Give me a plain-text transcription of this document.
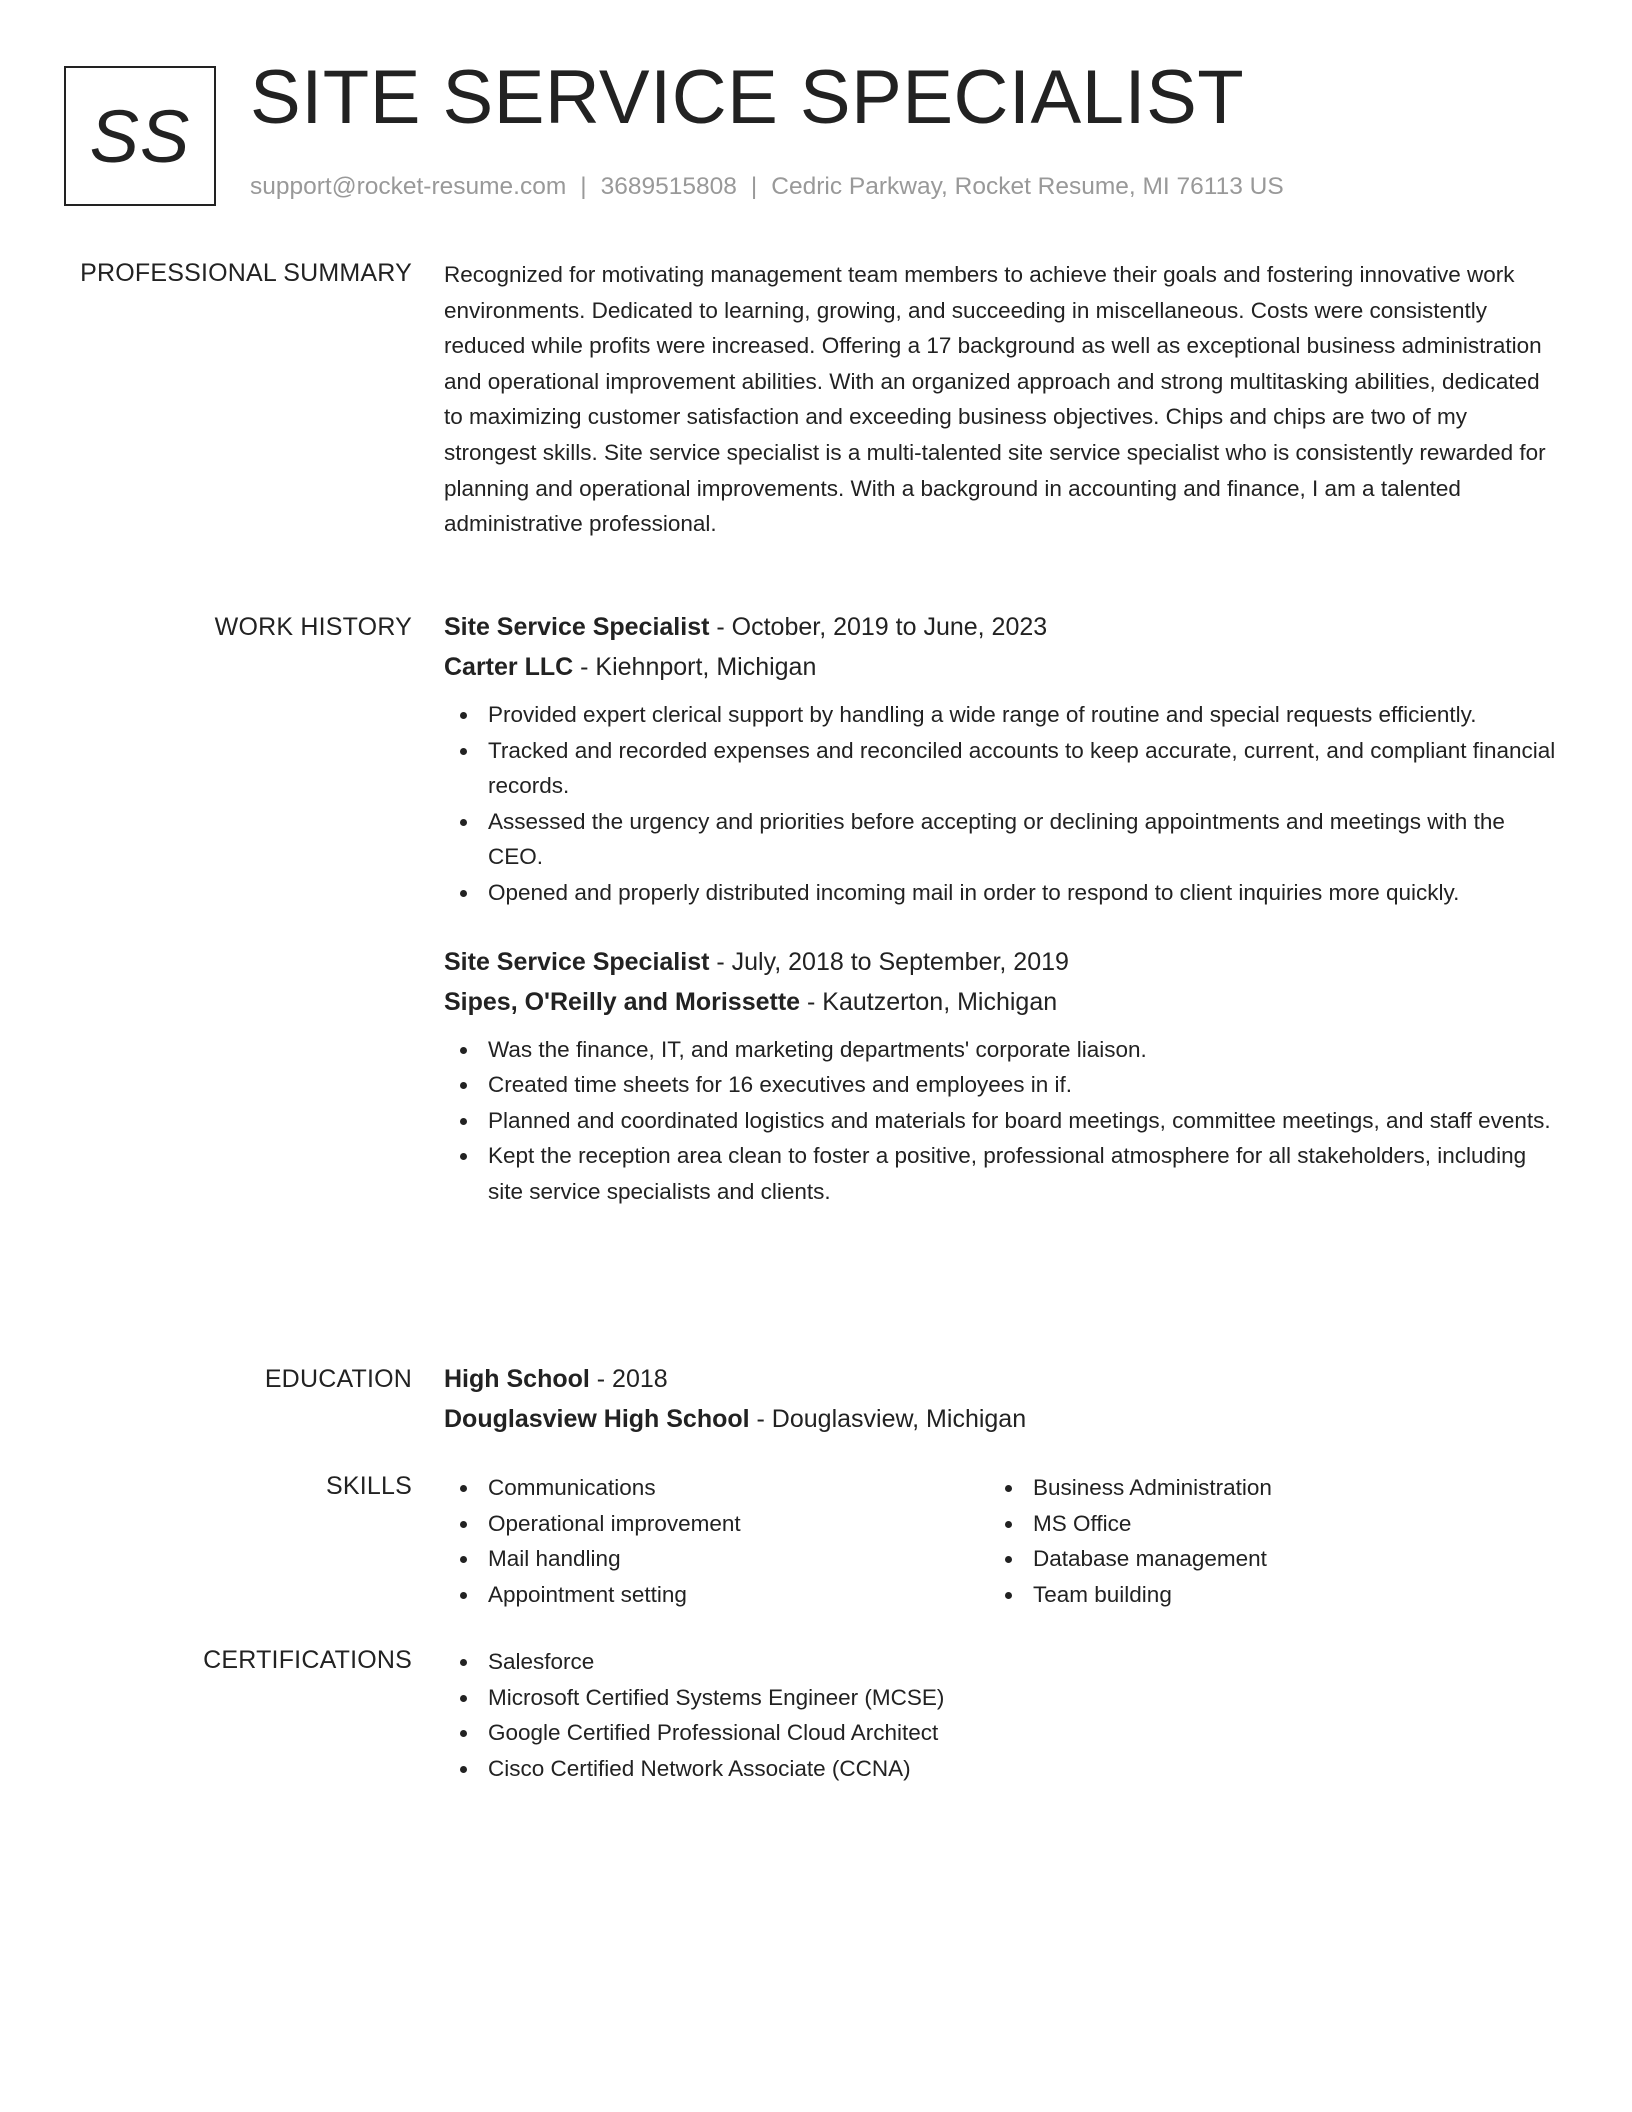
SS SITE SERVICE SPECIALIST
support@rocket-resume.com | 3689515808 | Cedric Parkway, Rocket Resume, MI 76113 US
PROFESSIONAL SUMMARY Recognized for motivating management team members to achieve their goals and fostering innovative work environments. Dedicated to learning, growing, and succeeding in miscellaneous. Costs were consistently reduced while profits were increased. Offering a 17 background as well as exceptional business administration and operational improvement abilities. With an organized approach and strong multitasking abilities, dedicated to maximizing customer satisfaction and exceeding business objectives. Chips and chips are two of my strongest skills. Site service specialist is a multi-talented site service specialist who is consistently rewarded for planning and operational improvements. With a background in accounting and finance, I am a talented administrative professional.

WORK HISTORY Site Service Specialist - October, 2019 to June, 2023
Carter LLC - Kiehnport, Michigan
Provided expert clerical support by handling a wide range of routine and special requests efficiently.
Tracked and recorded expenses and reconciled accounts to keep accurate, current, and compliant financial records.
Assessed the urgency and priorities before accepting or declining appointments and meetings with the CEO.
Opened and properly distributed incoming mail in order to respond to client inquiries more quickly.
Site Service Specialist - July, 2018 to September, 2019
Sipes, O'Reilly and Morissette - Kautzerton, Michigan
Was the finance, IT, and marketing departments' corporate liaison.
Created time sheets for 16 executives and employees in if.
Planned and coordinated logistics and materials for board meetings, committee meetings, and staff events.
Kept the reception area clean to foster a positive, professional atmosphere for all stakeholders, including site service specialists and clients.
EDUCATION High School - 2018
Douglasview High School - Douglasview, Michigan
SKILLS	Communications
Operational improvement
Mail handling
Appointment setting
Business Administration
MS Office
Database management
Team building
CERTIFICATIONS	Salesforce
Microsoft Certified Systems Engineer (MCSE)
Google Certified Professional Cloud Architect
Cisco Certified Network Associate (CCNA)
